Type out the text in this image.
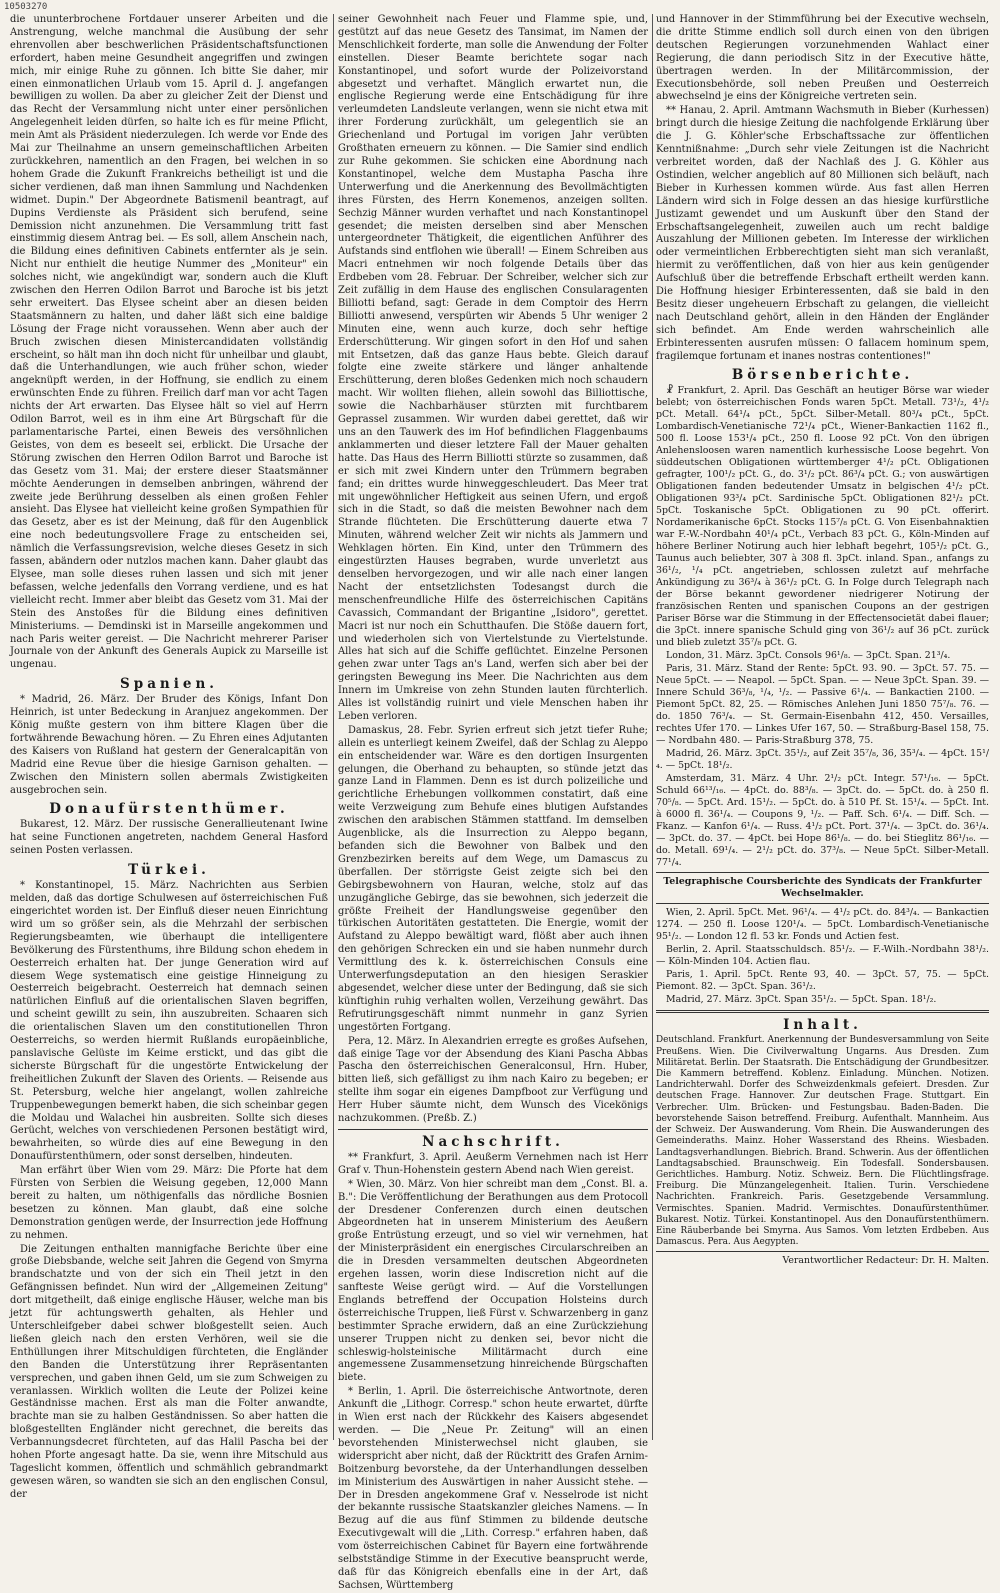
10503270

die ununterbrochene Fortdauer unserer Arbeiten und die Anstrengung, welche manchmal die Ausübung der sehr ehrenvollen aber beschwerlichen Präsidentschaftsfunctionen erfordert, haben meine Gesundheit angegriffen und zwingen mich, mir einige Ruhe zu gönnen. Ich bitte Sie daher, mir einen einmonatlichen Urlaub vom 15. April d. J. angefangen bewilligen zu wollen. Da aber zu gleicher Zeit der Dienst und das Recht der Versammlung nicht unter einer persönlichen Angelegenheit leiden dürfen, so halte ich es für meine Pflicht, mein Amt als Präsident niederzulegen. Ich werde vor Ende des Mai zur Theilnahme an unsern gemeinschaftlichen Arbeiten zurückkehren, namentlich an den Fragen, bei welchen in so hohem Grade die Zukunft Frankreichs betheiligt ist und die sicher verdienen, daß man ihnen Sammlung und Nachdenken widmet. Dupin." Der Abgeordnete Batismenil beantragt, auf Dupins Verdienste als Präsident sich berufend, seine Demission nicht anzunehmen. Die Versammlung tritt fast einstimmig diesem Antrag bei. — Es soll, allem Anschein nach, die Bildung eines definitiven Cabinets entfernter als je sein. Nicht nur enthielt die heutige Nummer des „Moniteur" ein solches nicht, wie angekündigt war, sondern auch die Kluft zwischen den Herren Odilon Barrot und Baroche ist bis jetzt sehr erweitert. Das Elysee scheint aber an diesen beiden Staatsmännern zu halten, und daher läßt sich eine baldige Lösung der Frage nicht voraussehen. Wenn aber auch der Bruch zwischen diesen Ministercandidaten vollständig erscheint, so hält man ihn doch nicht für unheilbar und glaubt, daß die Unterhandlungen, wie auch früher schon, wieder angeknüpft werden, in der Hoffnung, sie endlich zu einem erwünschten Ende zu führen. Freilich darf man vor acht Tagen nichts der Art erwarten. Das Elysee hält so viel auf Herrn Odilon Barrot, weil es in ihm eine Art Bürgschaft für die parlamentarische Partei, einen Beweis des versöhnlichen Geistes, von dem es beseelt sei, erblickt. Die Ursache der Störung zwischen den Herren Odilon Barrot und Baroche ist das Gesetz vom 31. Mai; der erstere dieser Staatsmänner möchte Aenderungen in demselben anbringen, während der zweite jede Berührung desselben als einen großen Fehler ansieht. Das Elysee hat vielleicht keine großen Sympathien für das Gesetz, aber es ist der Meinung, daß für den Augenblick eine noch bedeutungsvollere Frage zu entscheiden sei, nämlich die Verfassungsrevision, welche dieses Gesetz in sich fassen, abändern oder nutzlos machen kann. Daher glaubt das Elysee, man solle dieses ruhen lassen und sich mit jener befassen, welche jedenfalls den Vorrang verdiene, und es hat vielleicht recht. Immer aber bleibt das Gesetz vom 31. Mai der Stein des Anstoßes für die Bildung eines definitiven Ministeriums. — Demdinski ist in Marseille angekommen und nach Paris weiter gereist. — Die Nachricht mehrerer Pariser Journale von der Ankunft des Generals Aupick zu Marseille ist ungenau.

Spanien.

* Madrid, 26. März. Der Bruder des Königs, Infant Don Heinrich, ist unter Bedeckung in Aranjuez angekommen. Der König mußte gestern von ihm bittere Klagen über die fortwährende Bewachung hören. — Zu Ehren eines Adjutanten des Kaisers von Rußland hat gestern der Generalcapitän von Madrid eine Revue über die hiesige Garnison gehalten. — Zwischen den Ministern sollen abermals Zwistigkeiten ausgebrochen sein.

Donaufürstenthümer.

Bukarest, 12. März. Der russische Generallieutenant Iwine hat seine Functionen angetreten, nachdem General Hasford seinen Posten verlassen.

Türkei.

* Konstantinopel, 15. März. Nachrichten aus Serbien melden, daß das dortige Schulwesen auf österreichischen Fuß eingerichtet worden ist. Der Einfluß dieser neuen Einrichtung wird um so größer sein, als die Mehrzahl der serbischen Regierungsbeamten, wie überhaupt die intelligentere Bevölkerung des Fürstenthums, ihre Bildung schon ehedem in Oesterreich erhalten hat. Der junge Generation wird auf diesem Wege systematisch eine geistige Hinneigung zu Oesterreich beigebracht. Oesterreich hat demnach seinen natürlichen Einfluß auf die orientalischen Slaven begriffen, und scheint gewillt zu sein, ihn auszubreiten. Schaaren sich die orientalischen Slaven um den constitutionellen Thron Oesterreichs, so werden hiermit Rußlands europäeinbliche, panslavische Gelüste im Keime erstickt, und das gibt die sicherste Bürgschaft für die ungestörte Entwickelung der freiheitlichen Zukunft der Slaven des Orients. — Reisende aus St. Petersburg, welche hier angelangt, wollen zahlreiche Truppenbewegungen bemerkt haben, die sich scheinbar gegen die Moldau und Walachei hin ausbreiten. Sollte sich dieses Gerücht, welches von verschiedenen Personen bestätigt wird, bewahrheiten, so würde dies auf eine Bewegung in den Donaufürstenthümern, oder sonst derselben, hindeuten.

Man erfährt über Wien vom 29. März: Die Pforte hat dem Fürsten von Serbien die Weisung gegeben, 12,000 Mann bereit zu halten, um nöthigenfalls das nördliche Bosnien besetzen zu können. Man glaubt, daß eine solche Demonstration genügen werde, der Insurrection jede Hoffnung zu nehmen.

Die Zeitungen enthalten mannigfache Berichte über eine große Diebsbande, welche seit Jahren die Gegend von Smyrna brandschatzte und von der sich ein Theil jetzt in den Gefängnissen befindet. Nun wird der „Allgemeinen Zeitung" dort mitgetheilt, daß einige englische Häuser, welche man bis jetzt für achtungswerth gehalten, als Hehler und Unterschleifgeber dabei schwer bloßgestellt seien. Auch ließen gleich nach den ersten Verhören, weil sie die Enthüllungen ihrer Mitschuldigen fürchteten, die Engländer den Banden die Unterstützung ihrer Repräsentanten versprechen, und gaben ihnen Geld, um sie zum Schweigen zu veranlassen. Wirklich wollten die Leute der Polizei keine Geständnisse machen. Erst als man die Folter anwandte, brachte man sie zu halben Geständnissen. So aber hatten die bloßgestellten Engländer nicht gerechnet, die bereits das Verbannungsdecret fürchteten, auf das Halil Pascha bei der hohen Pforte angesagt hatte. Da sie, wenn ihre Mitschuld aus Tageslicht kommen, öffentlich und schmählich gebrandmarkt gewesen wären, so wandten sie sich an den englischen Consul, der

seiner Gewohnheit nach Feuer und Flamme spie, und, gestützt auf das neue Gesetz des Tansimat, im Namen der Menschlichkeit forderte, man solle die Anwendung der Folter einstellen. Dieser Beamte berichtete sogar nach Konstantinopel, und sofort wurde der Polizeivorstand abgesetzt und verhaftet. Mänglich erwartet nun, die englische Regierung werde eine Entschädigung für ihre verleumdeten Landsleute verlangen, wenn sie nicht etwa mit ihrer Forderung zurückhält, um gelegentlich sie an Griechenland und Portugal im vorigen Jahr verübten Großthaten erneuern zu können. — Die Samier sind endlich zur Ruhe gekommen. Sie schicken eine Abordnung nach Konstantinopel, welche dem Mustapha Pascha ihre Unterwerfung und die Anerkennung des Bevollmächtigten ihres Fürsten, des Herrn Konemenos, anzeigen sollten. Sechzig Männer wurden verhaftet und nach Konstantinopel gesendet; die meisten derselben sind aber Menschen untergeordneter Thätigkeit, die eigentlichen Anführer des Aufstands sind entflohen wie überall! — Einem Schreiben aus Macri entnehmen wir noch folgende Details über das Erdbeben vom 28. Februar. Der Schreiber, welcher sich zur Zeit zufällig in dem Hause des englischen Consularagenten Billiotti befand, sagt: Gerade in dem Comptoir des Herrn Billiotti anwesend, verspürten wir Abends 5 Uhr weniger 2 Minuten eine, wenn auch kurze, doch sehr heftige Erderschütterung. Wir gingen sofort in den Hof und sahen mit Entsetzen, daß das ganze Haus bebte. Gleich darauf folgte eine zweite stärkere und länger anhaltende Erschütterung, deren bloßes Gedenken mich noch schaudern macht. Wir wollten fliehen, allein sowohl das Billiottische, sowie die Nachbarhäuser stürzten mit furchtbarem Geprassel zusammen. Wir wurden dabei gerettet, daß wir uns an den Tauwerk des im Hof befindlichen Flaggenbaums anklammerten und dieser letztere Fall der Mauer gehalten hatte. Das Haus des Herrn Billiotti stürzte so zusammen, daß er sich mit zwei Kindern unter den Trümmern begraben fand; ein drittes wurde hinweggeschleudert. Das Meer trat mit ungewöhnlicher Heftigkeit aus seinen Ufern, und ergoß sich in die Stadt, so daß die meisten Bewohner nach dem Strande flüchteten. Die Erschütterung dauerte etwa 7 Minuten, während welcher Zeit wir nichts als Jammern und Wehklagen hörten. Ein Kind, unter den Trümmern des eingestürzten Hauses begraben, wurde unverletzt aus denselben hervorgezogen, und wir alle nach einer langen Nacht der entsetzlichsten Todesangst durch die menschenfreundliche Hilfe des österreichischen Capitäns Cavassich, Commandant der Brigantine „Isidoro", gerettet. Macri ist nur noch ein Schutthaufen. Die Stöße dauern fort, und wiederholen sich von Viertelstunde zu Viertelstunde. Alles hat sich auf die Schiffe geflüchtet. Einzelne Personen gehen zwar unter Tags an's Land, werfen sich aber bei der geringsten Bewegung ins Meer. Die Nachrichten aus dem Innern im Umkreise von zehn Stunden lauten fürchterlich. Alles ist vollständig ruinirt und viele Menschen haben ihr Leben verloren.

Damaskus, 28. Febr. Syrien erfreut sich jetzt tiefer Ruhe; allein es unterliegt keinem Zweifel, daß der Schlag zu Aleppo ein entscheidender war. Wäre es den dortigen Insurgenten gelungen, die Oberhand zu behaupten, so stünde jetzt das ganze Land in Flammen. Denn es ist durch polizeiliche und gerichtliche Erhebungen vollkommen constatirt, daß eine weite Verzweigung zum Behufe eines blutigen Aufstandes zwischen den arabischen Stämmen stattfand. Im demselben Augenblicke, als die Insurrection zu Aleppo begann, befanden sich die Bewohner von Balbek und den Grenzbezirken bereits auf dem Wege, um Damascus zu überfallen. Der störrigste Geist zeigte sich bei den Gebirgsbewohnern von Hauran, welche, stolz auf das unzugängliche Gebirge, das sie bewohnen, sich jederzeit die größte Freiheit der Handlungsweise gegenüber den türkischen Autoritäten gestatteten. Die Energie, womit der Aufstand zu Aleppo bewältigt ward, flößt aber auch ihnen den gehörigen Schrecken ein und sie haben nunmehr durch Vermittlung des k. k. österreichischen Consuls eine Unterwerfungsdeputation an den hiesigen Seraskier abgesendet, welcher diese unter der Bedingung, daß sie sich künftighin ruhig verhalten wollen, Verzeihung gewährt. Das Refrutirungsgeschäft nimmt nunmehr in ganz Syrien ungestörten Fortgang.

Pera, 12. März. In Alexandrien erregte es großes Aufsehen, daß einige Tage vor der Absendung des Kiani Pascha Abbas Pascha den österreichischen Generalconsul, Hrn. Huber, bitten ließ, sich gefälligst zu ihm nach Kairo zu begeben; er stellte ihm sogar ein eigenes Dampfboot zur Verfügung und Herr Huber säumte nicht, dem Wunsch des Vicekönigs nachzukommen. (Preßb. Z.)

Nachschrift.

** Frankfurt, 3. April. Aeußerm Vernehmen nach ist Herr Graf v. Thun-Hohenstein gestern Abend nach Wien gereist.

* Wien, 30. März. Von hier schreibt man dem „Const. Bl. a. B.": Die Veröffentlichung der Berathungen aus dem Protocoll der Dresdener Conferenzen durch einen deutschen Abgeordneten hat in unserem Ministerium des Aeußern große Entrüstung erzeugt, und so viel wir vernehmen, hat der Ministerpräsident ein energisches Circularschreiben an die in Dresden versammelten deutschen Abgeordneten ergehen lassen, worin diese Indiscretion nicht auf die sanfteste Weise gerügt wird. — Auf die Vorstellungen Englands betreffend der Occupation Holsteins durch österreichische Truppen, ließ Fürst v. Schwarzenberg in ganz bestimmter Sprache erwidern, daß an eine Zurückziehung unserer Truppen nicht zu denken sei, bevor nicht die schleswig-holsteinische Militärmacht durch eine angemessene Zusammensetzung hinreichende Bürgschaften biete.

* Berlin, 1. April. Die österreichische Antwortnote, deren Ankunft die „Lithogr. Corresp." schon heute erwartet, dürfte in Wien erst nach der Rückkehr des Kaisers abgesendet werden. — Die „Neue Pr. Zeitung" will an einen bevorstehenden Ministerwechsel nicht glauben, sie widerspricht aber nicht, daß der Rücktritt des Grafen Arnim-Boitzenburg bevorstehe, da der Unterhandlungen desselben im Ministerium des Auswärtigen in naher Aussicht stehe. — Der in Dresden angekommene Graf v. Nesselrode ist nicht der bekannte russische Staatskanzler gleiches Namens. — In Bezug auf die aus fünf Stimmen zu bildende deutsche Executivgewalt will die „Lith. Corresp." erfahren haben, daß vom österreichischen Cabinet für Bayern eine fortwährende selbstständige Stimme in der Executive beansprucht werde, daß für das Königreich ebenfalls eine in der Art, daß Sachsen, Württemberg

und Hannover in der Stimmführung bei der Executive wechseln, die dritte Stimme endlich soll durch einen von den übrigen deutschen Regierungen vorzunehmenden Wahlact einer Regierung, die dann periodisch Sitz in der Executive hätte, übertragen werden. In der Militärcommission, der Executionsbehörde, soll neben Preußen und Oesterreich abwechselnd je eins der Königreiche vertreten sein.

** Hanau, 2. April. Amtmann Wachsmuth in Bieber (Kurhessen) bringt durch die hiesige Zeitung die nachfolgende Erklärung über die J. G. Köhler'sche Erbschaftssache zur öffentlichen Kenntnißnahme: „Durch sehr viele Zeitungen ist die Nachricht verbreitet worden, daß der Nachlaß des J. G. Köhler aus Ostindien, welcher angeblich auf 80 Millionen sich beläuft, nach Bieber in Kurhessen kommen würde. Aus fast allen Herren Ländern wird sich in Folge dessen an das hiesige kurfürstliche Justizamt gewendet und um Auskunft über den Stand der Erbschaftsangelegenheit, zuweilen auch um recht baldige Auszahlung der Millionen gebeten. Im Interesse der wirklichen oder vermeintlichen Erbberechtigten sieht man sich veranlaßt, hiermit zu veröffentlichen, daß von hier aus kein genügender Aufschluß über die betreffende Erbschaft ertheilt werden kann. Die Hoffnung hiesiger Erbinteressenten, daß sie bald in den Besitz dieser ungeheuern Erbschaft zu gelangen, die vielleicht nach Deutschland gehört, allein in den Händen der Engländer sich befindet. Am Ende werden wahrscheinlich alle Erbinteressenten ausrufen müssen: O fallacem hominum spem, fragilemque fortunam et inanes nostras contentiones!"

Börsenberichte.

☧ Frankfurt, 2. April. Das Geschäft an heutiger Börse war wieder belebt; von österreichischen Fonds waren 5pCt. Metall. 73¹/₂, 4¹/₂ pCt. Metall. 64¹/₄ pCt., 5pCt. Silber-Metall. 80³/₄ pCt., 5pCt. Lombardisch-Venetianische 72¹/₄ pCt., Wiener-Bankactien 1162 fl., 500 fl. Loose 153¹/₄ pCt., 250 fl. Loose 92 pCt. Von den übrigen Anlehensloosen waren namentlich kurhessische Loose begehrt. Von süddeutschen Obligationen württemberger 4¹/₂ pCt. Obligationen gefragter, 100¹/₂ pCt. G., do. 3¹/₂ pCt. 86³/₄ pCt. G.; von auswärtigen Obligationen fanden bedeutender Umsatz in belgischen 4¹/₂ pCt. Obligationen 93³/₄ pCt. Sardinische 5pCt. Obligationen 82¹/₂ pCt. 5pCt. Toskanische 5pCt. Obligationen zu 90 pCt. offerirt. Nordamerikanische 6pCt. Stocks 115⁷/₈ pCt. G. Von Eisenbahnaktien war F.-W.-Nordbahn 40¹/₄ pCt., Verbach 83 pCt. G., Köln-Minden auf höhere Berliner Notirung auch hier lebhaft begehrt, 105¹/₂ pCt. G., Taunus auch beliebter, 307 à 308 fl. 3pCt. inland. Span., anfangs zu 36¹/₂, ¹/₄ pCt. angetrieben, schlossen zuletzt auf mehrfache Ankündigung zu 36³/₄ à 36¹/₂ pCt. G. In Folge durch Telegraph nach der Börse bekannt gewordener niedrigerer Notirung der französischen Renten und spanischen Coupons an der gestrigen Pariser Börse war die Stimmung in der Effectensocietät dabei flauer; die 3pCt. innere spanische Schuld ging von 36¹/₂ auf 36 pCt. zurück und blieb zuletzt 35⁷/₈ pCt. G.

London, 31. März. 3pCt. Consols 96¹/₈. — 3pCt. Span. 21³/₄.

Paris, 31. März. Stand der Rente: 5pCt. 93. 90. — 3pCt. 57. 75. — Neue 5pCt. — — Neapol. — 5pCt. Span. — — Neue 3pCt. Span. 39. — Innere Schuld 36³/₈, ¹/₄, ¹/₂. — Passive 6¹/₄. — Bankactien 2100. — Piemont 5pCt. 82, 25. — Römisches Anlehen Juni 1850 75⁷/₈. 76. — do. 1850 76³/₄. — St. Germain-Eisenbahn 412, 450. Versailles, rechtes Ufer 170. — Linkes Ufer 167, 50. — Straßburg-Basel 158, 75. — Nordbahn 480. — Paris-Straßburg 378, 75.

Madrid, 26. März. 3pCt. 35¹/₂, auf Zeit 35⁷/₈, 36, 35³/₄. — 4pCt. 15¹/₄. — 5pCt. 18¹/₂.

Amsterdam, 31. März. 4 Uhr. 2¹/₂ pCt. Integr. 57¹/₁₆. — 5pCt. Schuld 66¹³/₁₆. — 4pCt. do. 88³/₈. — 3pCt. do. — 5pCt. do. à 250 fl. 70⁵/₈. — 5pCt. Ard. 15¹/₂. — 5pCt. do. à 510 Pf. St. 15¹/₄. — 5pCt. Int. à 6000 fl. 36¹/₄. — Coupons 9, ¹/₂. — Paff. Sch. 6¹/₄. — Diff. Sch. — Fkanz. — Kanfon 6¹/₄. — Russ. 4¹/₂ pCt. Port. 37¹/₄. — 3pCt. do. 36¹/₄. — 3pCt. do. 37. — 4pCt. bei Hope 86¹/₈. — do. bei Stieglitz 86¹/₁₆. — do. Metall. 69¹/₄. — 2¹/₂ pCt. do. 37³/₈. — Neue 5pCt. Silber-Metall. 77¹/₄.

Telegraphische Coursberichte des Syndicats der Frankfurter Wechselmakler.

Wien, 2. April. 5pCt. Met. 96¹/₄. — 4¹/₂ pCt. do. 84³/₄. — Bankactien 1274. — 250 fl. Loose 120¹/₄. — 5pCt. Lombardisch-Venetianische 95¹/₂. — London 12 fl. 53 kr. Fonds und Actien fest.

Berlin, 2. April. Staatsschuldsch. 85¹/₂. — F.-Wilh.-Nordbahn 38¹/₂. — Köln-Minden 104. Actien flau.

Paris, 1. April. 5pCt. Rente 93, 40. — 3pCt. 57, 75. — 5pCt. Piemont. 82. — 3pCt. Span. 36¹/₂.

Madrid, 27. März. 3pCt. Span 35¹/₂. — 5pCt. Span. 18¹/₂.

Inhalt.

Deutschland. Frankfurt. Anerkennung der Bundesversammlung von Seite Preußens. Wien. Die Civilverwaltung Ungarns. Aus Dresden. Zum Militäretat. Berlin. Der Staatsrath. Die Entschädigung der Grundbesitzer. Die Kammern betreffend. Koblenz. Einladung. München. Notizen. Landrichterwahl. Dorfer des Schweizdenkmals gefeiert. Dresden. Zur deutschen Frage. Hannover. Zur deutschen Frage. Stuttgart. Ein Verbrecher. Ulm. Brücken- und Festungsbau. Baden-Baden. Die bevorstehende Saison betreffend. Freiburg. Aufenthalt. Mannheim. Aus der Schweiz. Der Auswanderung. Vom Rhein. Die Auswanderungen des Gemeinderaths. Mainz. Hoher Wasserstand des Rheins. Wiesbaden. Landtagsverhandlungen. Biebrich. Brand. Schwerin. Aus der öffentlichen Landtagsabschied. Braunschweig. Ein Todesfall. Sondersbausen. Gerichtliches. Hamburg. Notiz. Schweiz. Bern. Die Flüchtlingsfrage. Freiburg. Die Münzangelegenheit. Italien. Turin. Verschiedene Nachrichten. Frankreich. Paris. Gesetzgebende Versammlung. Vermischtes. Spanien. Madrid. Vermischtes. Donaufürstenthümer. Bukarest. Notiz. Türkei. Konstantinopel. Aus den Donaufürstenthümern. Eine Räuberbande bei Smyrna. Aus Samos. Vom letzten Erdbeben. Aus Damascus. Pera. Aus Aegypten.

Verantwortlicher Redacteur: Dr. H. Malten.
